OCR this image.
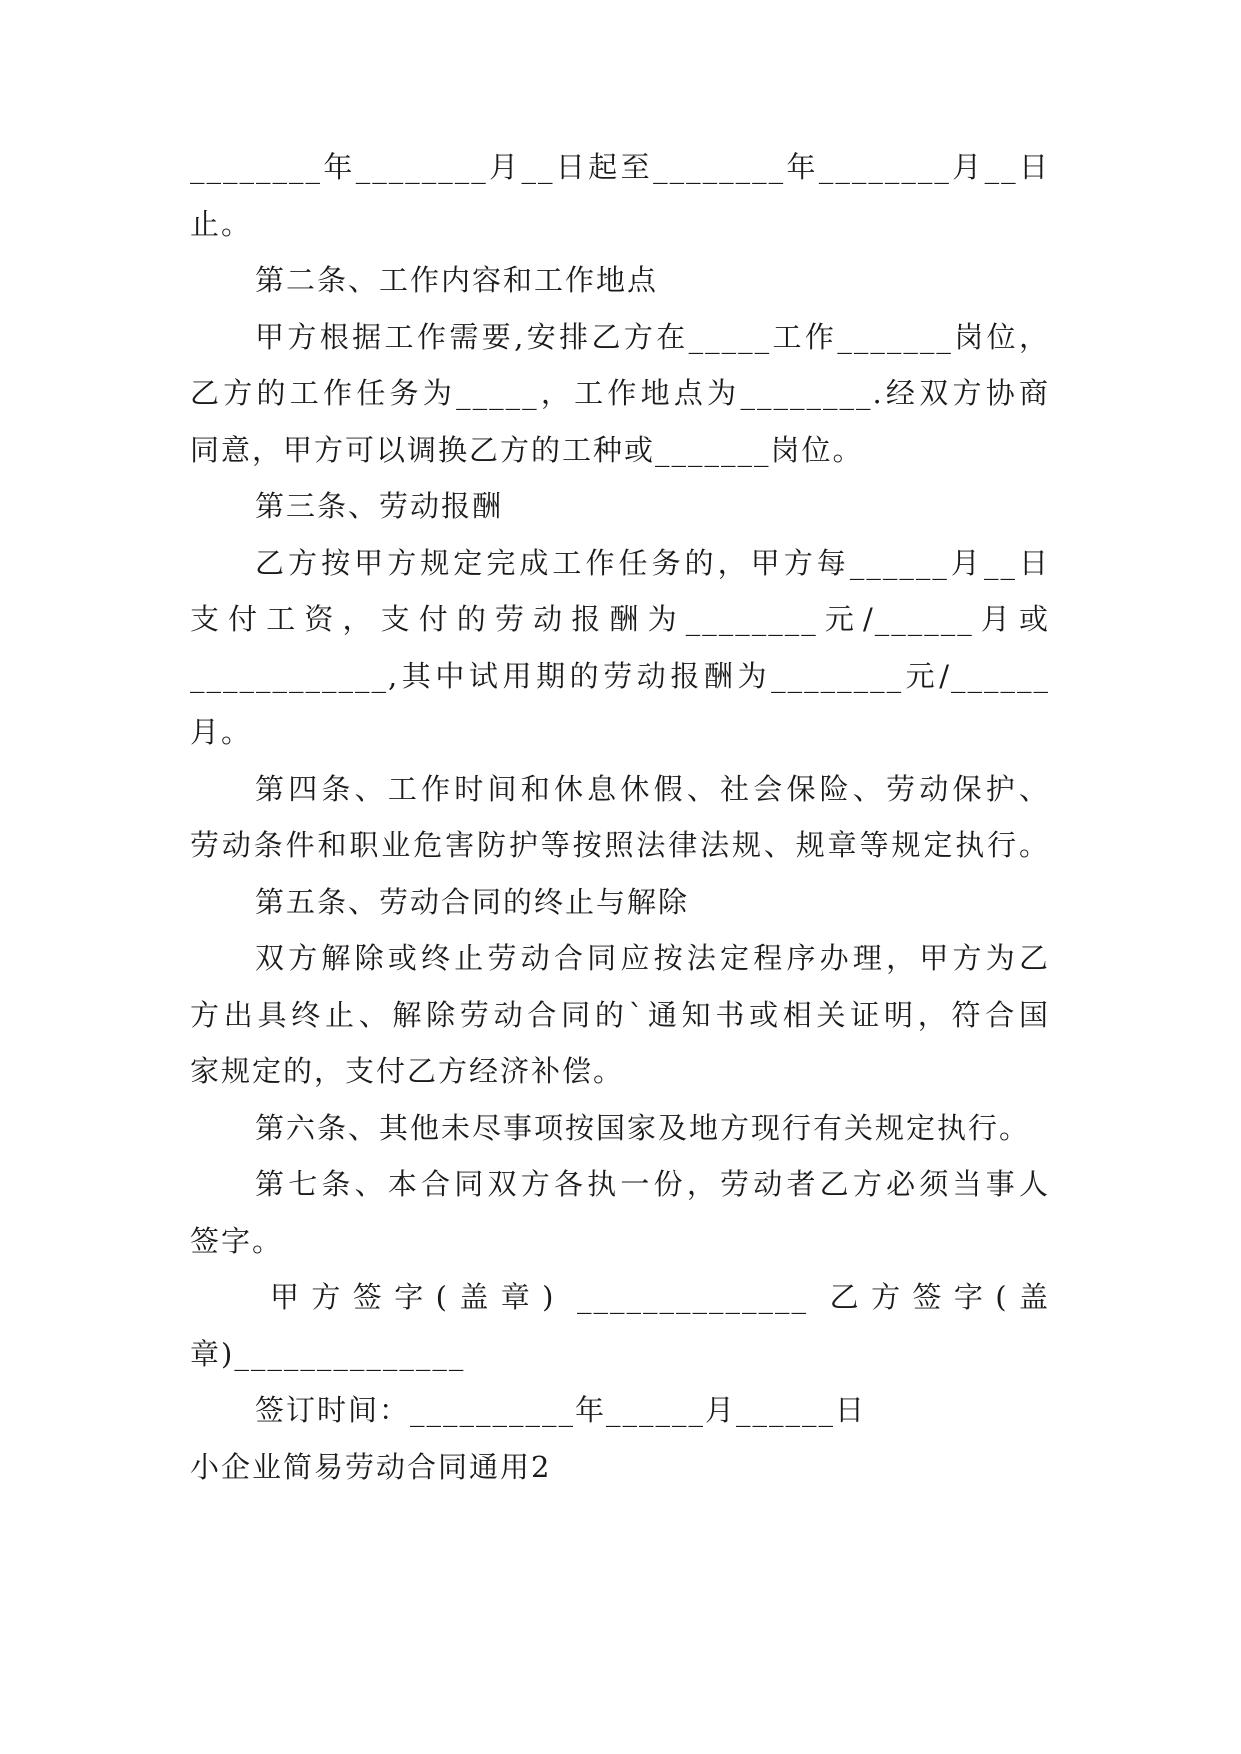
________年________月__日起至________年________月__日
止。
第二条、工作内容和工作地点
甲方根据工作需要,安排乙方在_____工作_______岗位，
乙方的工作任务为_____，工作地点为________.经双方协商
同意，甲方可以调换乙方的工种或_______岗位。
第三条、劳动报酬
乙方按甲方规定完成工作任务的，甲方每______月__日
支付工资，支付的劳动报酬为________元/______月或
____________,其中试用期的劳动报酬为________元/______
月。
第四条、工作时间和休息休假、社会保险、劳动保护、
劳动条件和职业危害防护等按照法律法规、规章等规定执行。
第五条、劳动合同的终止与解除
双方解除或终止劳动合同应按法定程序办理，甲方为乙
方出具终止、解除劳动合同的`通知书或相关证明，符合国
家规定的，支付乙方经济补偿。
第六条、其他未尽事项按国家及地方现行有关规定执行。
第七条、本合同双方各执一份，劳动者乙方必须当事人
签字。
甲方签字(盖章) ______________ 乙方签字(盖
章)______________
签订时间：__________年______月______日
小企业简易劳动合同通用2
